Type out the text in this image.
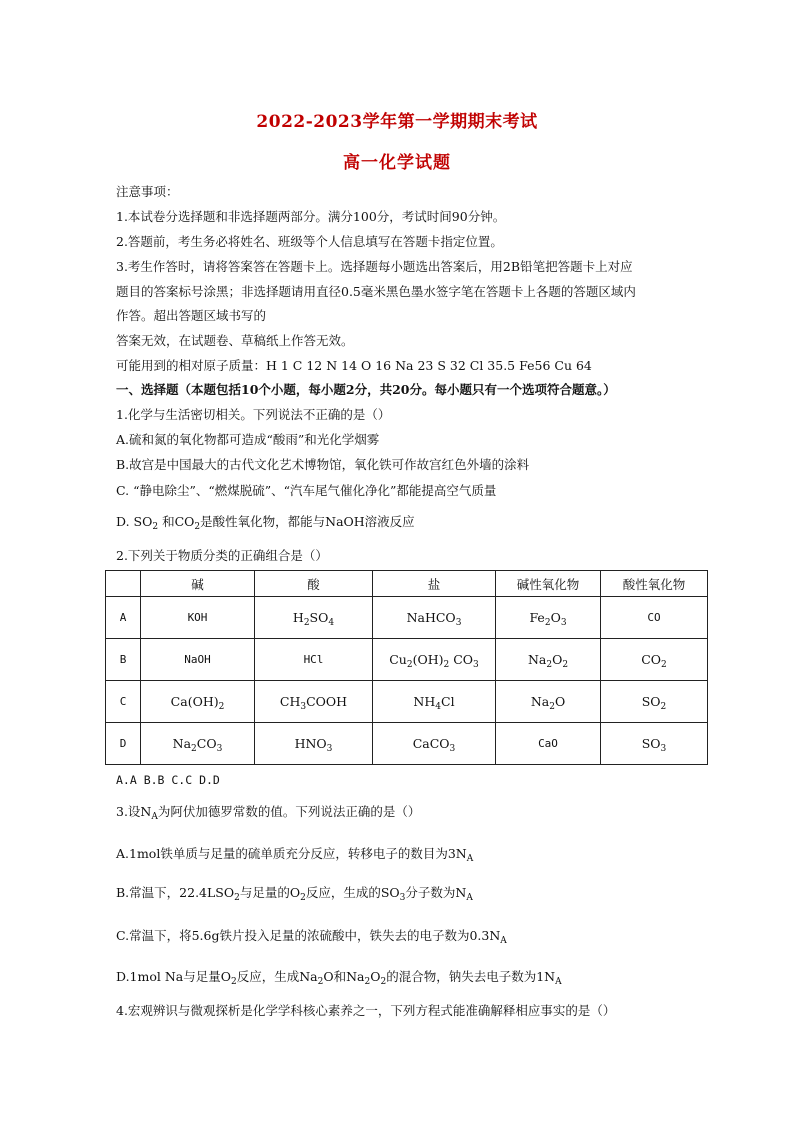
2022-2023学年第一学期期末考试
高一化学试题
注意事项：
1.本试卷分选择题和非选择题两部分。满分100分，考试时间90分钟。
2.答题前，考生务必将姓名、班级等个人信息填写在答题卡指定位置。
3.考生作答时，请将答案答在答题卡上。选择题每小题选出答案后，用2B铅笔把答题卡上对应
题目的答案标号涂黑；非选择题请用直径0.5毫米黑色墨水签字笔在答题卡上各题的答题区域内
作答。超出答题区域书写的
答案无效，在试题卷、草稿纸上作答无效。
可能用到的相对原子质量：H 1 C 12 N 14 O 16 Na 23 S 32 Cl 35.5 Fe56 Cu 64
一、选择题（本题包括10个小题，每小题2分，共20分。每小题只有一个选项符合题意。）
1.化学与生活密切相关。下列说法不正确的是（）
A.硫和氮的氧化物都可造成“酸雨”和光化学烟雾
B.故宫是中国最大的古代文化艺术博物馆，氧化铁可作故宫红色外墙的涂料
C. “静电除尘”、“燃煤脱硫”、“汽车尾气催化净化”都能提高空气质量
D. $SO_2$ 和$CO_2$是酸性氧化物，都能与NaOH溶液反应
2.下列关于物质分类的正确组合是（）
	碱	酸	盐	碱性氧化物	酸性氧化物
A	KOH	$H_2SO_4$	NaHCO$_3$	$Fe_2O_3$	CO
B	NaOH	HCl	$Cu_2(OH)_2$ $CO_3$	$Na_2O_2$	$CO_2$
C	$Ca(OH)_2$	$CH_3COOH$	$NH_4Cl$	$Na_2O$	$SO_2$
D	$Na_2CO_3$	$HNO_3$	CaCO$_3$	CaO	$SO_3$
A.A B.B C.C D.D
3.设$N_A$为阿伏加德罗常数的值。下列说法正确的是（）
A.1mol铁单质与足量的硫单质充分反应，转移电子的数目为$3N_A$
B.常温下，$22.4LSO_2$与足量的$O_2$反应，生成的$SO_3$分子数为$N_A$
C.常温下，将5.6g铁片投入足量的浓硫酸中，铁失去的电子数为$0.3N_A$
D.1mol Na与足量$O_2$反应，生成$Na_2O$和$Na_2O_2$的混合物，钠失去电子数为$1N_A$
4.宏观辨识与微观探析是化学学科核心素养之一，下列方程式能准确解释相应事实的是（）
